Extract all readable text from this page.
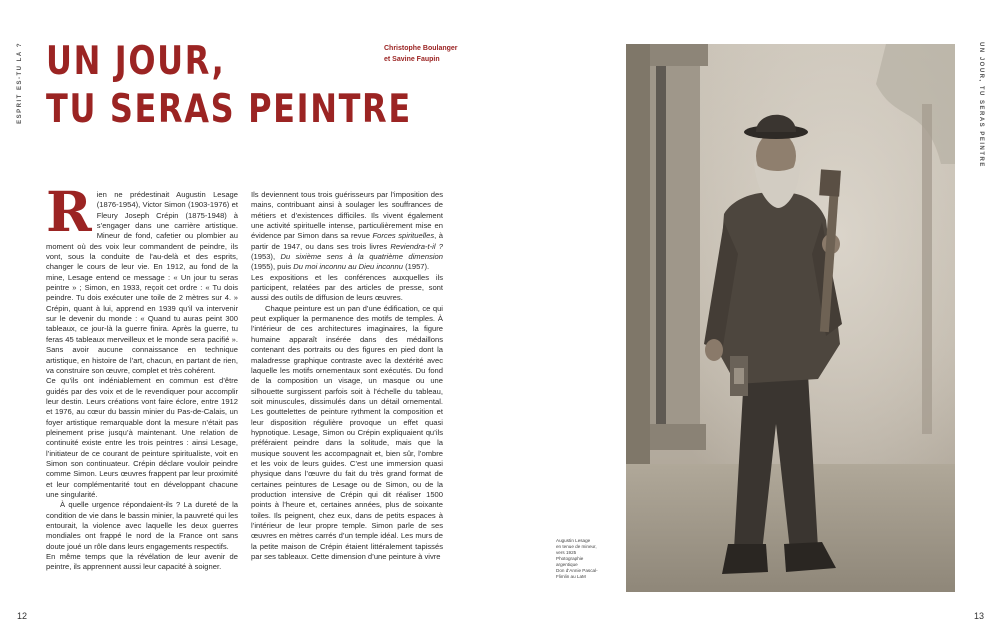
ESPRIT ES-TU LÀ ? UN JOUR,
TU SERAS PEINTRE
Christophe Boulanger
et Savine Faupin

Rien ne prédestinait Augustin Lesage (1876-1954), Victor Simon (1903-1976) et Fleury Joseph Crépin (1875-1948) à s’engager dans une carrière artistique. Mineur de fond, cafetier ou plombier au moment où des voix leur commandent de peindre, ils vont, sous la conduite de l’au-delà et des esprits, changer le cours de leur vie. En 1912, au fond de la mine, Lesage entend ce message : « Un jour tu seras peintre » ; Simon, en 1933, reçoit cet ordre : « Tu dois peindre. Tu dois exécuter une toile de 2 mètres sur 4. » Crépin, quant à lui, apprend en 1939 qu’il va intervenir sur le devenir du monde : « Quand tu auras peint 300 tableaux, ce jour-là la guerre finira. Après la guerre, tu feras 45 tableaux merveilleux et le monde sera pacifié ». Sans avoir aucune connaissance en technique artistique, en histoire de l’art, chacun, en partant de rien, va construire son œuvre, complet et très cohérent.

Ce qu’ils ont indéniablement en commun est d’être guidés par des voix et de le revendiquer pour accomplir leur destin. Leurs créations vont faire éclore, entre 1912 et 1976, au cœur du bassin minier du Pas-de-Calais, un foyer artistique remarquable dont la mesure n’était pas pleinement prise jusqu’à maintenant. Une relation de continuité existe entre les trois peintres : ainsi Lesage, l’initiateur de ce courant de peinture spiritualiste, voit en Simon son continuateur. Crépin déclare vouloir peindre comme Simon. Leurs œuvres frappent par leur proximité et leur complémentarité tout en développant chacune une singularité.

À quelle urgence répondaient-ils ? La dureté de la condition de vie dans le bassin minier, la pauvreté qui les entourait, la violence avec laquelle les deux guerres mondiales ont frappé le nord de la France ont sans doute joué un rôle dans leurs engagements respectifs.

En même temps que la révélation de leur avenir de peintre, ils apprennent aussi leur capacité à soigner.

Ils deviennent tous trois guérisseurs par l’imposition des mains, contribuant ainsi à soulager les souffrances de métiers et d’existences difficiles. Ils vivent également une activité spirituelle intense, particulièrement mise en évidence par Simon dans sa revue Forces spirituelles, à partir de 1947, ou dans ses trois livres Reviendra-t-il ? (1953), Du sixième sens à la quatrième dimension (1955), puis Du moi inconnu au Dieu inconnu (1957).

Les expositions et les conférences auxquelles ils participent, relatées par des articles de presse, sont aussi des outils de diffusion de leurs œuvres.

Chaque peinture est un pan d’une édification, ce qui peut expliquer la permanence des motifs de temples. À l’intérieur de ces architectures imaginaires, la figure humaine apparaît insérée dans des médaillons contenant des portraits ou des figures en pied dont la maladresse graphique contraste avec la dextérité avec laquelle les motifs ornementaux sont exécutés. Du fond de la composition un visage, un masque ou une silhouette surgissent parfois soit à l’échelle du tableau, soit minuscules, dissimulés dans un détail ornemental. Les gouttelettes de peinture rythment la composition et leur disposition régulière provoque un effet quasi hypnotique. Lesage, Simon ou Crépin expliquaient qu’ils préféraient peindre dans la solitude, mais que la musique souvent les accompagnait et, bien sûr, l’ombre et les voix de leurs guides. C’est une immersion quasi physique dans l’œuvre du fait du très grand format de certaines peintures de Lesage ou de Simon, ou de la production intensive de Crépin qui dit réaliser 1500 points à l’heure et, certaines années, plus de soixante toiles. Ils peignent, chez eux, dans de petits espaces à l’intérieur de leur propre temple. Simon parle de ses œuvres en mètres carrés d’un temple idéal. Les murs de la petite maison de Crépin étaient littéralement tapissés par ses tableaux. Cette dimension d’une peinture à vivre

12
Augustin Lesage
en tenue de mineur,
vers 1925
Photographie
argentique
Don d’Annie Pascal-
Flimlin au LaM
UN JOUR, TU SERAS PEINTRE
13
